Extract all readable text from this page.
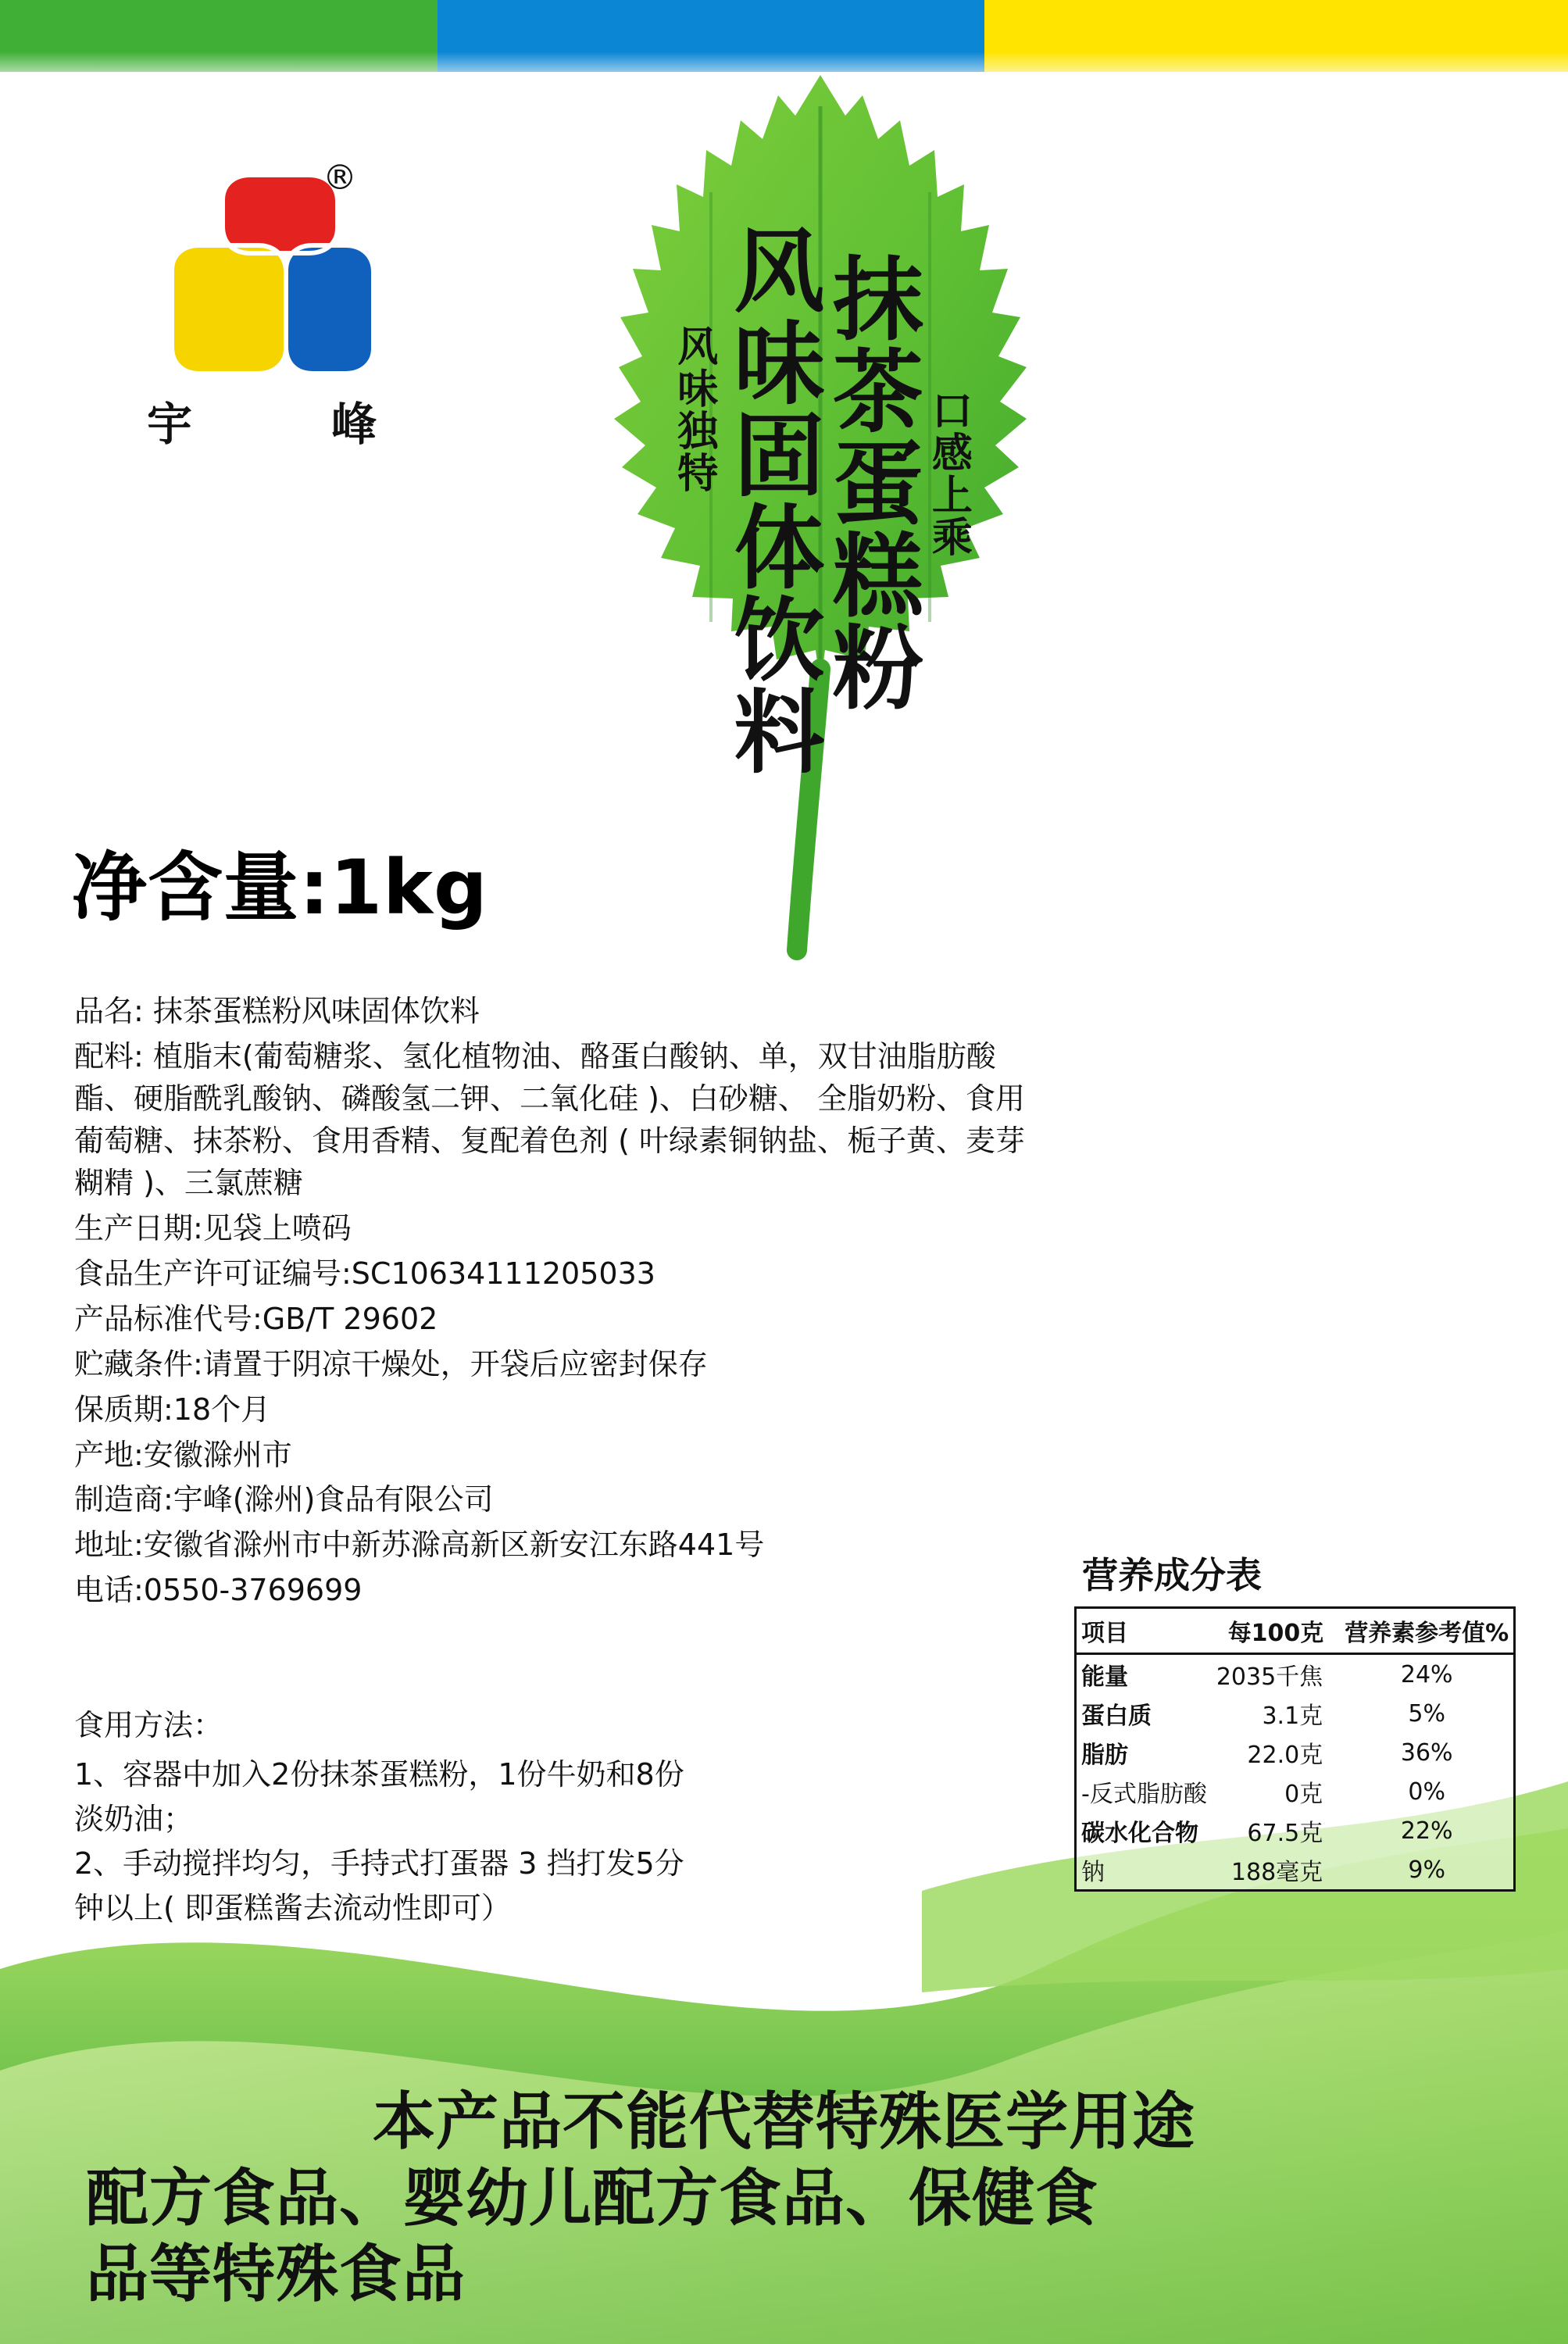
口感上乘
抹茶蛋糕粉
风味固体饮料
风味独特
®
宇	峰
净含量:1kg
品名: 抹茶蛋糕粉风味固体饮料
配料: 植脂末(葡萄糖浆、氢化植物油、酪蛋白酸钠、单，双甘油脂肪酸酯、硬脂酰乳酸钠、磷酸氢二钾、二氧化硅 )、白砂糖、 全脂奶粉、食用葡萄糖、抹茶粉、食用香精、复配着色剂 ( 叶绿素铜钠盐、栀子黄、麦芽糊精 )、三氯蔗糖
生产日期:见袋上喷码
食品生产许可证编号:SC10634111205033
产品标准代号:GB/T 29602
贮藏条件:请置于阴凉干燥处，开袋后应密封保存
保质期:18个月
产地:安徽滁州市
制造商:宇峰(滁州)食品有限公司
地址:安徽省滁州市中新苏滁高新区新安江东路441号
电话:0550-3769699
食用方法：
1、容器中加入2份抹茶蛋糕粉，1份牛奶和8份
淡奶油；
2、手动搅拌均匀，手持式打蛋器 3 挡打发5分
钟以上( 即蛋糕酱去流动性即可）
营养成分表
项目	每100克	营养素参考值%
能量	2035千焦	24%
蛋白质	3.1克	5%
脂肪	22.0克	36%
-反式脂肪酸	0克	0%
碳水化合物	67.5克	22%
钠	188毫克	9%
本产品不能代替特殊医学用途
配方食品、婴幼儿配方食品、保健食
品等特殊食品
